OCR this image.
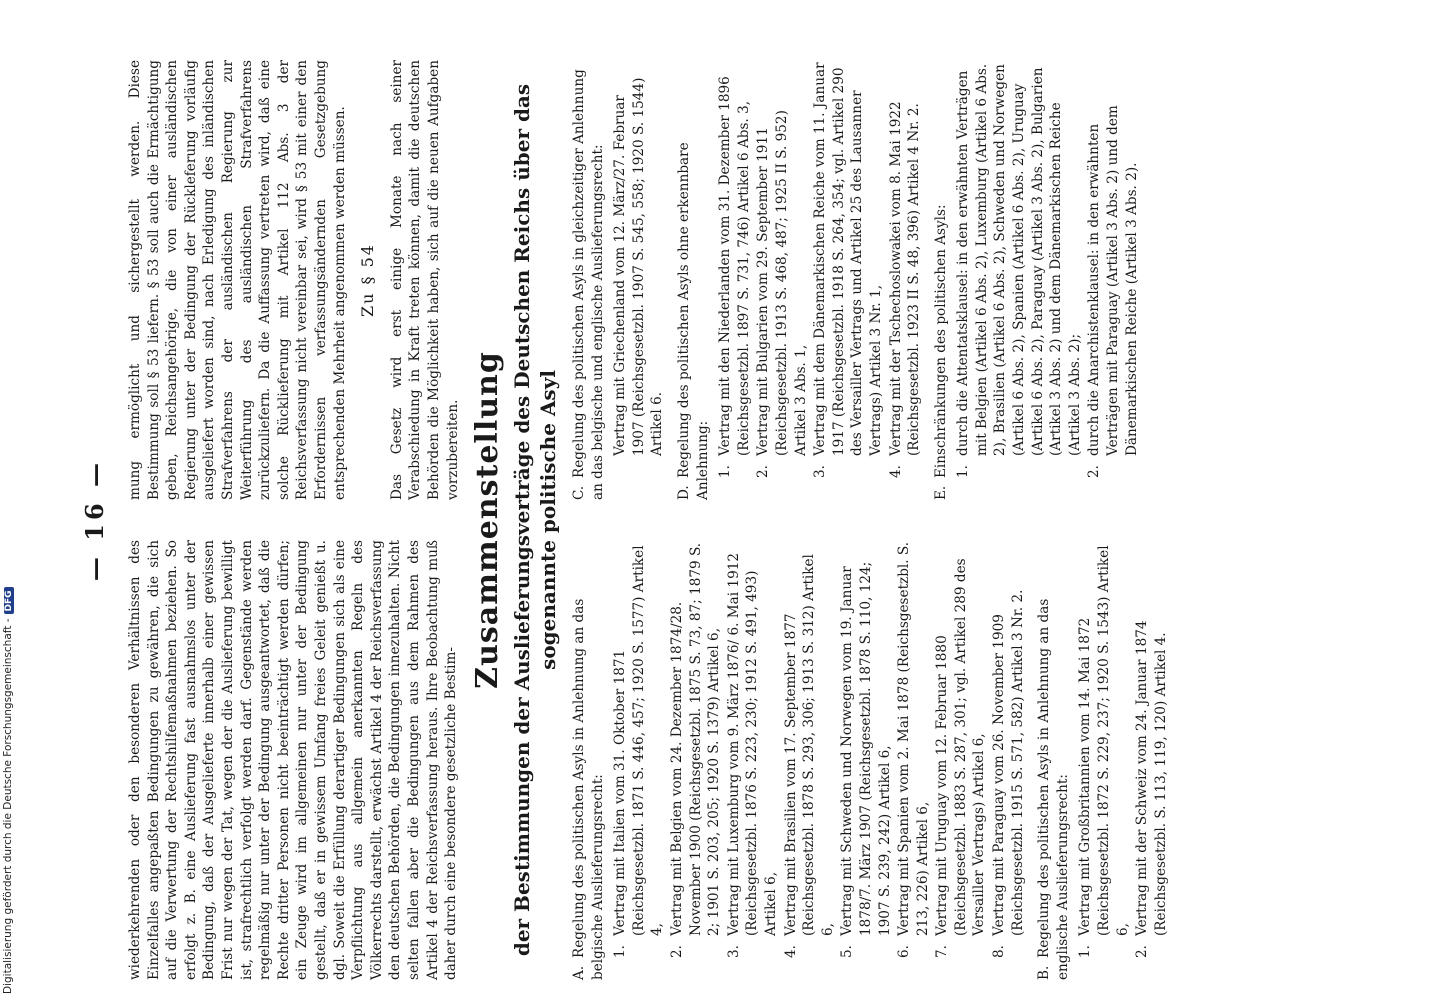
— 16 —

wiederkehrenden oder den besonderen Verhältnissen des Einzelfalles angepaßten Bedingungen zu gewähren, die sich auf die Verwertung der Rechtshilfemaßnahmen beziehen. So erfolgt z. B. eine Auslieferung fast ausnahmslos unter der Bedingung, daß der Ausgelieferte innerhalb einer gewissen Frist nur wegen der Tat, wegen der die Auslieferung bewilligt ist, strafrechtlich verfolgt werden darf. Gegenstände werden regelmäßig nur unter der Bedingung ausgeantwortet, daß die Rechte dritter Personen nicht beeinträchtigt werden dürfen; ein Zeuge wird im allgemeinen nur unter der Bedingung gestellt, daß er in gewissem Umfang freies Geleit genießt u. dgl. Soweit die Erfüllung derartiger Bedingungen sich als eine Verpflichtung aus allgemein anerkannten Regeln des Völkerrechts darstellt, erwächst Artikel 4 der Reichsverfassung den deutschen Behörden, die Bedingungen innezuhalten. Nicht selten fallen aber die Bedingungen aus dem Rahmen des Artikel 4 der Reichsverfassung heraus. Ihre Beobachtung muß daher durch eine besondere gesetzliche Bestim-

mung ermöglicht und sichergestellt werden. Diese Bestimmung soll § 53 liefern. § 53 soll auch die Ermächtigung geben, Reichsangehörige, die von einer ausländischen Regierung unter der Bedingung der Rückleferung vorläufig ausgeliefert worden sind, nach Erledigung des inländischen Strafverfahrens der ausländischen Regierung zur Weiterführung des ausländischen Strafverfahrens zurückzuliefern. Da die Auffassung vertreten wird, daß eine solche Rücklieferung mit Artikel 112 Abs. 3 der Reichsverfassung nicht vereinbar sei, wird § 53 mit einer den Erfordernissen verfassungsändernden Gesetzgebung entsprechenden Mehrheit angenommen werden müssen. Zu § 54 Das Gesetz wird erst einige Monate nach seiner Verabschiedung in Kraft treten können, damit die deutschen Behörden die Möglichkeit haben, sich auf die neuen Aufgaben vorzubereiten. Zusammenstellung der Bestimmungen der Auslieferungsverträge des Deutschen Reichs über das sogenannte politische Asyl

A.Regelung des politischen Asyls in Anlehnung an das belgische Auslieferungsrecht: 1.Vertrag mit Italien vom 31. Oktober 1871 (Reichsgesetzbl. 1871 S. 446, 457; 1920 S. 1577) Artikel 4,
2.Vertrag mit Belgien vom 24. Dezember 1874/28. November 1900 (Reichsgesetzbl. 1875 S. 73, 87; 1879 S. 2; 1901 S. 203, 205; 1920 S. 1379) Artikel 6,
3.Vertrag mit Luxemburg vom 9. März 1876/ 6. Mai 1912 (Reichsgesetzbl. 1876 S. 223, 230; 1912 S. 491, 493) Artikel 6,
4.Vertrag mit Brasilien vom 17. September 1877 (Reichsgesetzbl. 1878 S. 293, 306; 1913 S. 312) Artikel 6,
5.Vertrag mit Schweden und Norwegen vom 19. Januar 1878/7. März 1907 (Reichsgesetzbl. 1878 S. 110, 124; 1907 S. 239, 242) Artikel 6,
6.Vertrag mit Spanien vom 2. Mai 1878 (Reichsgesetzbl. S. 213, 226) Artikel 6,
7.Vertrag mit Uruguay vom 12. Februar 1880 (Reichsgesetzbl. 1883 S. 287, 301; vgl. Artikel 289 des Versailler Vertrags) Artikel 6,
8.Vertrag mit Paraguay vom 26. November 1909 (Reichsgesetzbl. 1915 S. 571, 582) Artikel 3 Nr. 2.

B.Regelung des politischen Asyls in Anlehnung an das englische Auslieferungsrecht: 1.Vertrag mit Großbritannien vom 14. Mai 1872 (Reichsgesetzbl. 1872 S. 229, 237; 1920 S. 1543) Artikel 6,
2.Vertrag mit der Schweiz vom 24. Januar 1874 (Reichsgesetzbl. S. 113, 119, 120) Artikel 4.

C.Regelung des politischen Asyls in gleichzeitiger Anlehnung an das belgische und englische Auslieferungsrecht: Vertrag mit Griechenland vom 12. März/27. Februar 1907 (Reichsgesetzbl. 1907 S. 545, 558; 1920 S. 1544) Artikel 6.

D.Regelung des politischen Asyls ohne erkennbare Anlehnung: 1.Vertrag mit den Niederlanden vom 31. Dezember 1896 (Reichsgesetzbl. 1897 S. 731, 746) Artikel 6 Abs. 3,
2.Vertrag mit Bulgarien vom 29. September 1911 (Reichsgesetzbl. 1913 S. 468, 487; 1925 II S. 952) Artikel 3 Abs. 1,
3.Vertrag mit dem Dänemarkischen Reiche vom 11. Januar 1917 (Reichsgesetzbl. 1918 S. 264, 354; vgl. Artikel 290 des Versailler Vertrags und Artikel 25 des Lausanner Vertrags) Artikel 3 Nr. 1,
4.Vertrag mit der Tschechoslowakei vom 8. Mai 1922 (Reichsgesetzbl. 1923 II S. 48, 396) Artikel 4 Nr. 2.

E.Einschränkungen des politischen Asyls: 1.durch die Attentatsklausel: in den erwähnten Verträgen mit Belgien (Artikel 6 Abs. 2), Luxemburg (Artikel 6 Abs. 2), Brasilien (Artikel 6 Abs. 2), Schweden und Norwegen (Artikel 6 Abs. 2), Spanien (Artikel 6 Abs. 2), Uruguay (Artikel 6 Abs. 2), Paraguay (Artikel 3 Abs. 2), Bulgarien (Artikel 3 Abs. 2) und dem Dänemarkischen Reiche (Artikel 3 Abs. 2);
2.durch die Anarchistenklausel: in den erwähnten Verträgen mit Paraguay (Artikel 3 Abs. 2) und dem Dänemarkischen Reiche (Artikel 3 Abs. 2).
Digitalisierung gefördert durch die Deutsche Forschungsgemeinschaft -DFG
